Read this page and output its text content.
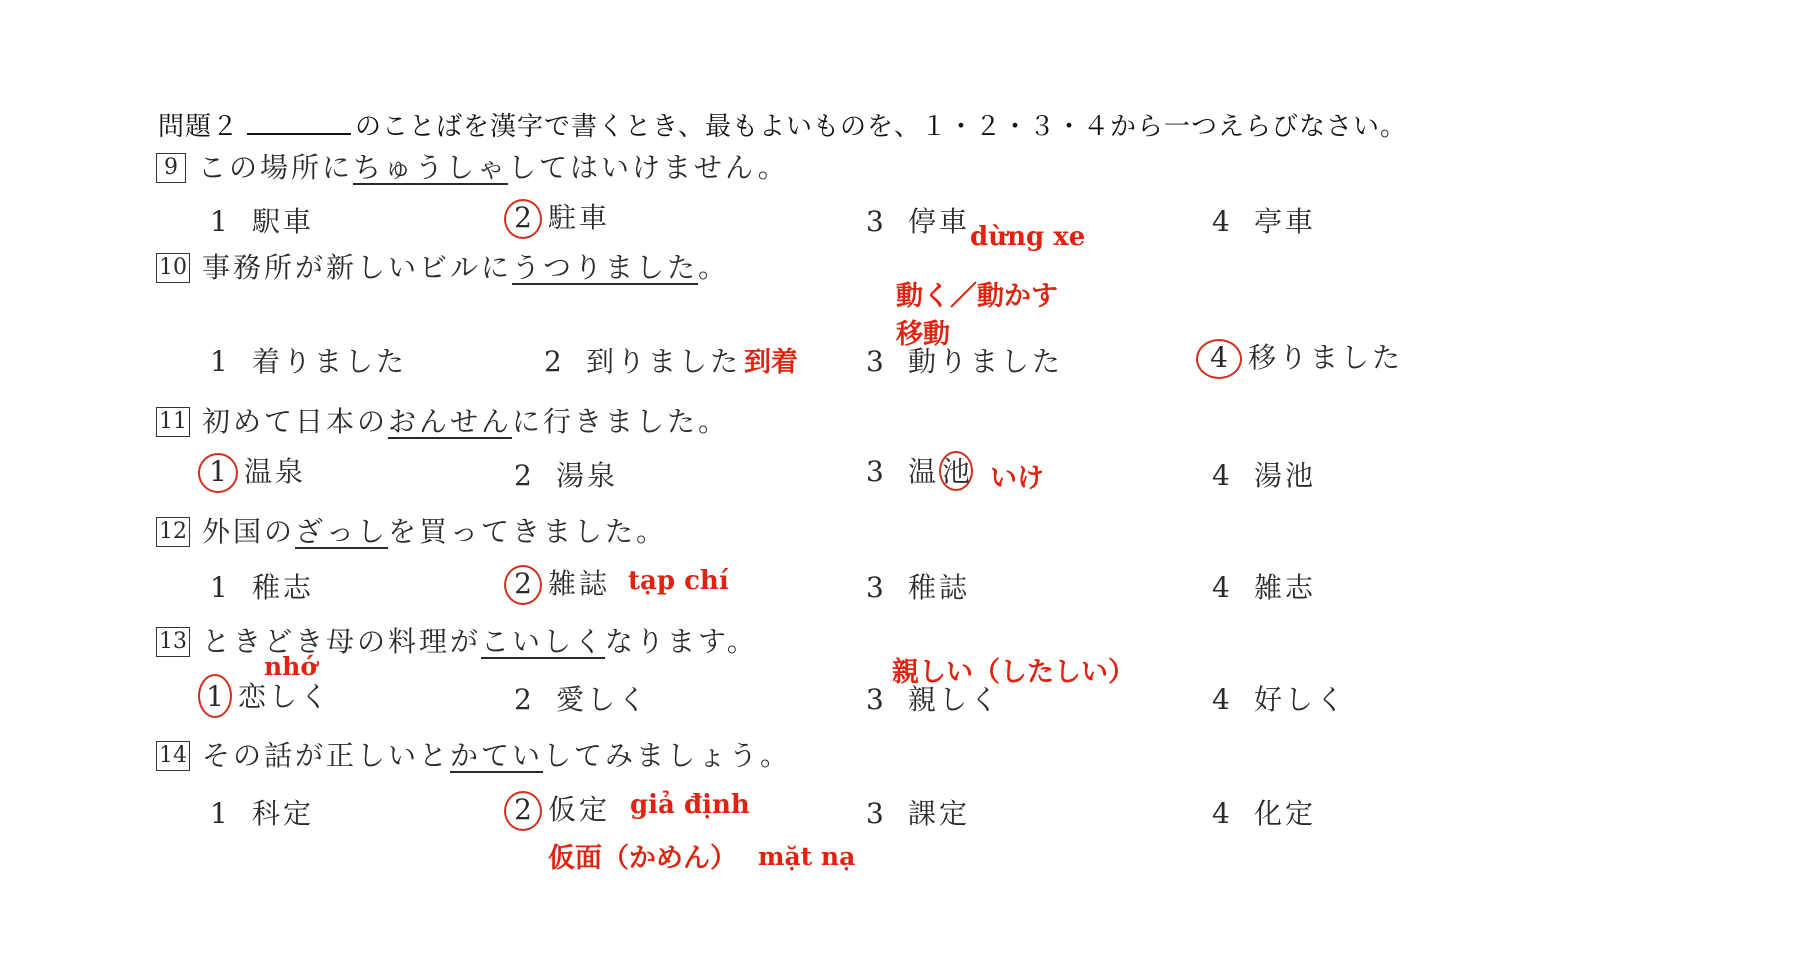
問題２	のことばを漢字で書くとき、最もよいものを、１・２・３・４から一つえらびなさい。
9 この場所にちゅうしゃしてはいけません。
1 駅車	2 駐車	3 停車	4 亭車
dừng xe
10 事務所が新しいビルにうつりました。
動く／動かす
移動
1 着りました	2 到りました 到着 3 動りました	4 移りました
11 初めて日本のおんせんに行きました。
1 温泉	2 湯泉	3 温 池 いけ	4 湯池
12 外国のざっしを買ってきました。
1 稚志	2 雑誌 tạp chí	3 稚誌	4 雑志
13 ときどき母の料理がこいしくなります。
nhớ	親しい（したしい）
1 恋しく	2 愛しく	3 親しく	4 好しく
14 その話が正しいとかていしてみましょう。
1 科定	2 仮定 giả định	3 課定	4 化定
仮面（かめん） mặt nạ
